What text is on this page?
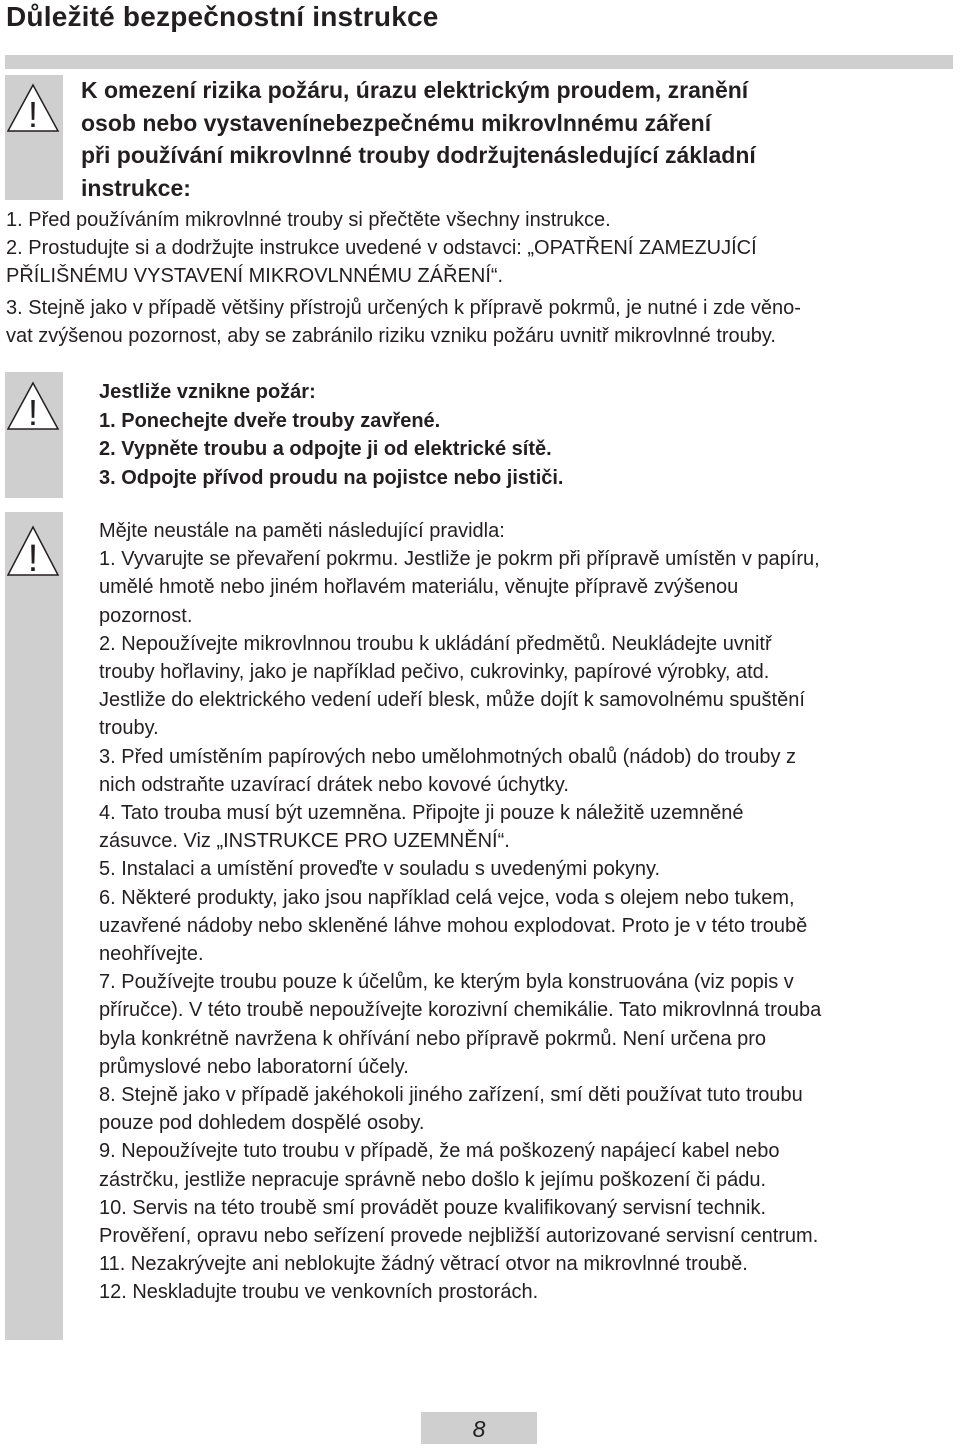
Důležité bezpečnostní instrukce
!
K omezení rizika požáru, úrazu elektrickým proudem, zranění
osob nebo vystavenínebezpečnému mikrovlnnému záření
při používání mikrovlnné trouby dodržujtenásledující základní
instrukce:
1. Před používáním mikrovlnné trouby si přečtěte všechny instrukce.
2. Prostudujte si a dodržujte instrukce uvedené v odstavci: „OPATŘENÍ ZAMEZUJÍCÍ
PŘÍLIŠNÉMU VYSTAVENÍ MIKROVLNNÉMU ZÁŘENÍ“.
3. Stejně jako v případě většiny přístrojů určených k přípravě pokrmů, je nutné i zde věno-
vat zvýšenou pozornost, aby se zabránilo riziku vzniku požáru uvnitř mikrovlnné trouby.
!	Jestliže vznikne požár:
1. Ponechejte dveře trouby zavřené.
2. Vypněte troubu a odpojte ji od elektrické sítě.
3. Odpojte přívod proudu na pojistce nebo jističi.
!
Mějte neustále na paměti následující pravidla:
1. Vyvarujte se převaření pokrmu. Jestliže je pokrm při přípravě umístěn v papíru,
umělé hmotě nebo jiném hořlavém materiálu, věnujte přípravě zvýšenou
pozornost.
2. Nepoužívejte mikrovlnnou troubu k ukládání předmětů. Neukládejte uvnitř
trouby hořlaviny, jako je například pečivo, cukrovinky, papírové výrobky, atd.
Jestliže do elektrického vedení udeří blesk, může dojít k samovolnému spuštění
trouby.
3. Před umístěním papírových nebo umělohmotných obalů (nádob) do trouby z
nich odstraňte uzavírací drátek nebo kovové úchytky.
4. Tato trouba musí být uzemněna. Připojte ji pouze k náležitě uzemněné
zásuvce. Viz „INSTRUKCE PRO UZEMNĚNÍ“.
5. Instalaci a umístění proveďte v souladu s uvedenými pokyny.
6. Některé produkty, jako jsou například celá vejce, voda s olejem nebo tukem,
uzavřené nádoby nebo skleněné láhve mohou explodovat. Proto je v této troubě
neohřívejte.
7. Používejte troubu pouze k účelům, ke kterým byla konstruována (viz popis v
příručce). V této troubě nepoužívejte korozivní chemikálie. Tato mikrovlnná trouba
byla konkrétně navržena k ohřívání nebo přípravě pokrmů. Není určena pro
průmyslové nebo laboratorní účely.
8. Stejně jako v případě jakéhokoli jiného zařízení, smí děti používat tuto troubu
pouze pod dohledem dospělé osoby.
9. Nepoužívejte tuto troubu v případě, že má poškozený napájecí kabel nebo
zástrčku, jestliže nepracuje správně nebo došlo k jejímu poškození či pádu.
10. Servis na této troubě smí provádět pouze kvalifikovaný servisní technik.
Prověření, opravu nebo seřízení provede nejbližší autorizované servisní centrum.
11. Nezakrývejte ani neblokujte žádný větrací otvor na mikrovlnné troubě.
12. Neskladujte troubu ve venkovních prostorách.
8
